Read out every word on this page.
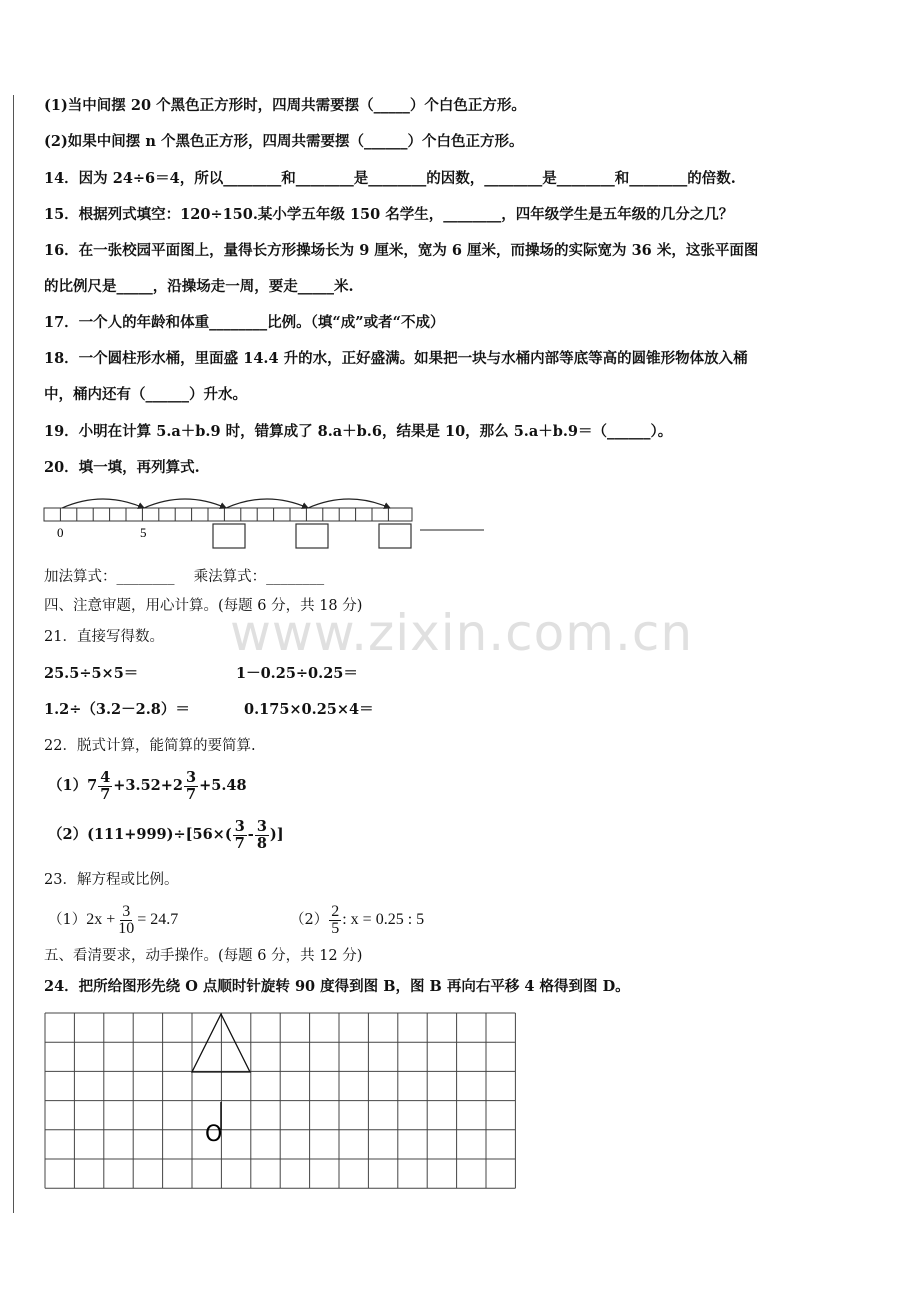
www.zixin.com.cn
(1)当中间摆 20 个黑色正方形时，四周共需要摆（_____）个白色正方形。
(2)如果中间摆 n 个黑色正方形，四周共需要摆（______）个白色正方形。
14．因为 24÷6＝4，所以________和________是________的因数，________是________和________的倍数.
15．根据列式填空：120÷150.某小学五年级 150 名学生，________，四年级学生是五年级的几分之几？
16．在一张校园平面图上，量得长方形操场长为 9 厘米，宽为 6 厘米，而操场的实际宽为 36 米，这张平面图
的比例尺是_____，沿操场走一周，要走_____米.
17．一个人的年龄和体重________比例。（填“成”或者“不成）
18．一个圆柱形水桶，里面盛 14.4 升的水，正好盛满。如果把一块与水桶内部等底等高的圆锥形物体放入桶
中，桶内还有（______）升水。
19．小明在计算 5.a＋b.9 时，错算成了 8.a＋b.6，结果是 10，那么 5.a＋b.9＝（______）。
20．填一填，再列算式.
0	5
加法算式：________　 乘法算式：________
四、注意审题，用心计算。(每题 6 分，共 18 分)
21．直接写得数。
25.5÷5×5＝	1－0.25÷0.25＝
1.2÷（3.2－2.8）＝	0.175×0.25×4＝
22．脱式计算，能简算的要简算.
$(1)7 \frac{4}{7} +3.52+2 \frac{3}{7} +5.48$
$(2)(111+999)\div[56\times( \frac{3}{7} - \frac{3}{8}$ )]
23．解方程或比例。
$(1)2x + \frac{3}{10} = 24.7$	$(2) \frac{2}{5}$ : x = 0.25 : 5
五、看清要求，动手操作。(每题 6 分，共 12 分)
24．把所给图形先绕 O 点顺时针旋转 90 度得到图 B，图 B 再向右平移 4 格得到图 D。
O
